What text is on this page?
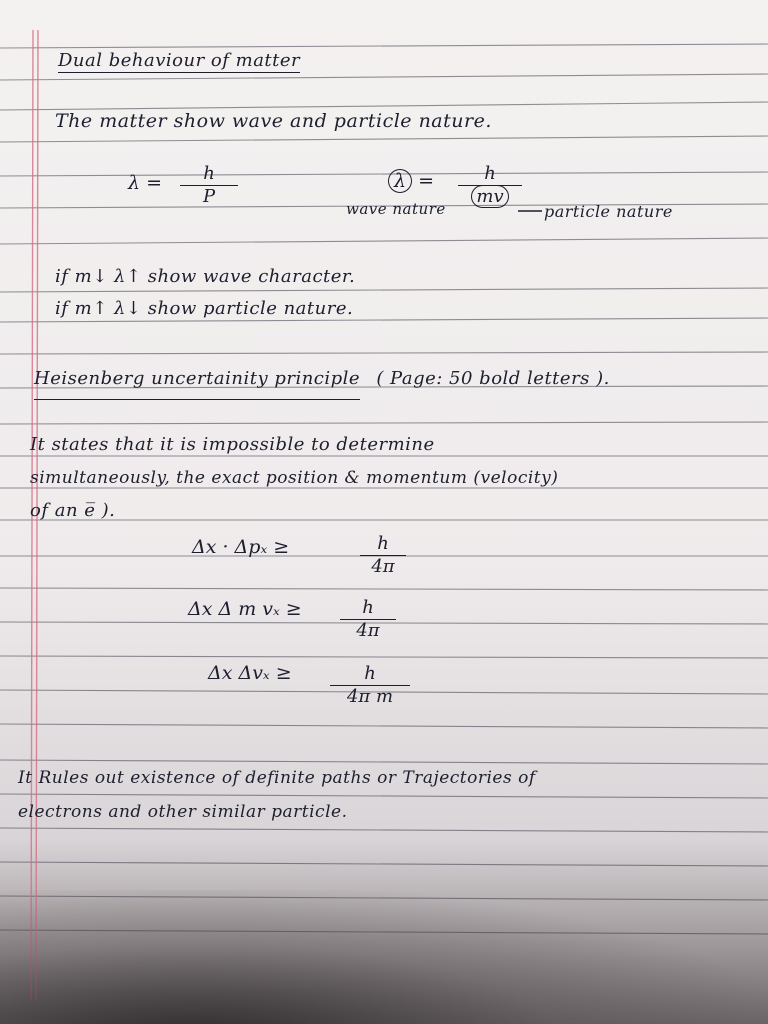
Dual behaviour of matter
The matter show wave and particle nature.
λ =	h
P
λ =	h
mv
wave nature	particle nature
if m↓ λ↑ show wave character.
if m↑ λ↓ show particle nature.
Heisenberg uncertainity principle ( Page: 50 bold letters ).
It states that it is impossible to determine
simultaneously, the exact position & momentum (velocity)
of an e̅ ).
Δx · Δpₓ ≥	h
4π
Δx Δ m vₓ ≥	h
4π
Δx Δvₓ ≥	h
4π m
It Rules out existence of definite paths or Trajectories of
electrons and other similar particle.
